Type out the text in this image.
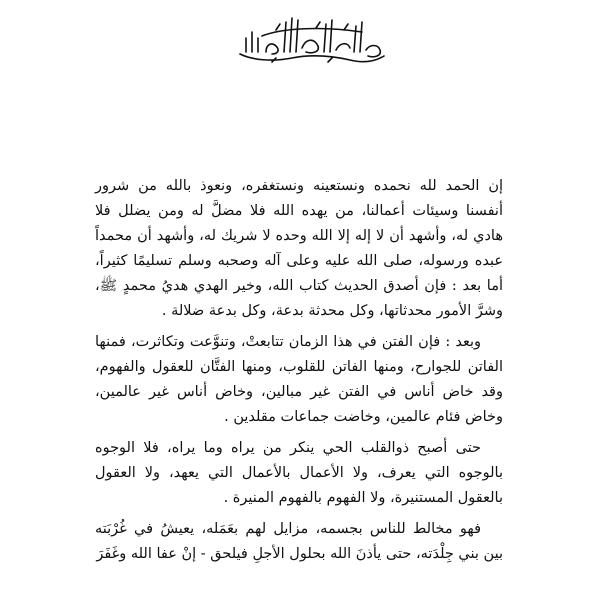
إن الحمد لله نحمده ونستعينه ونستغفره، ونعوذ بالله من شرور أنفسنا وسيئات أعمالنا، من يهده الله فلا مضلَّ له ومن يضلل فلا هادي له، وأشهد أن لا إله إلا الله وحده لا شريك له، وأشهد أن محمداً عبده ورسوله، صلى الله عليه وعلى آله وصحبه وسلم تسليمًا كثيراً، أما بعد : فإن أصدق الحديث كتاب الله، وخير الهدي هديُ محمدٍ ﷺ، وشرَّ الأمور محدثاتها، وكل محدثة بدعة، وكل بدعة ضلالة .

وبعد : فإن الفتن في هذا الزمان تتابعتْ، وتنوَّعت وتكاثرت، فمنها الفاتن للجوارح، ومنها الفاتن للقلوب، ومنها الفتَّان للعقول والفهوم، وقد خاض أناس في الفتن غير مبالين، وخاض أناس غير عالمين، وخاض فئام عالمين، وخاضت جماعات مقلدين .

حتى أصبح ذوالقلب الحي ينكر من يراه وما يراه، فلا الوجوه بالوجوه التي يعرف، ولا الأعمال بالأعمال التي يعهد، ولا العقول بالعقول المستنيرة، ولا الفهوم بالفهوم المنيرة .

فهو مخالط للناس بجسمه، مزايل لهم بعَمَله، يعيشُ في غُرْبَته بين بني جِلْدَته، حتى يأذنَ الله بحلول الأجلِ فيلحق - إنْ عفا الله وغَفَرَ
